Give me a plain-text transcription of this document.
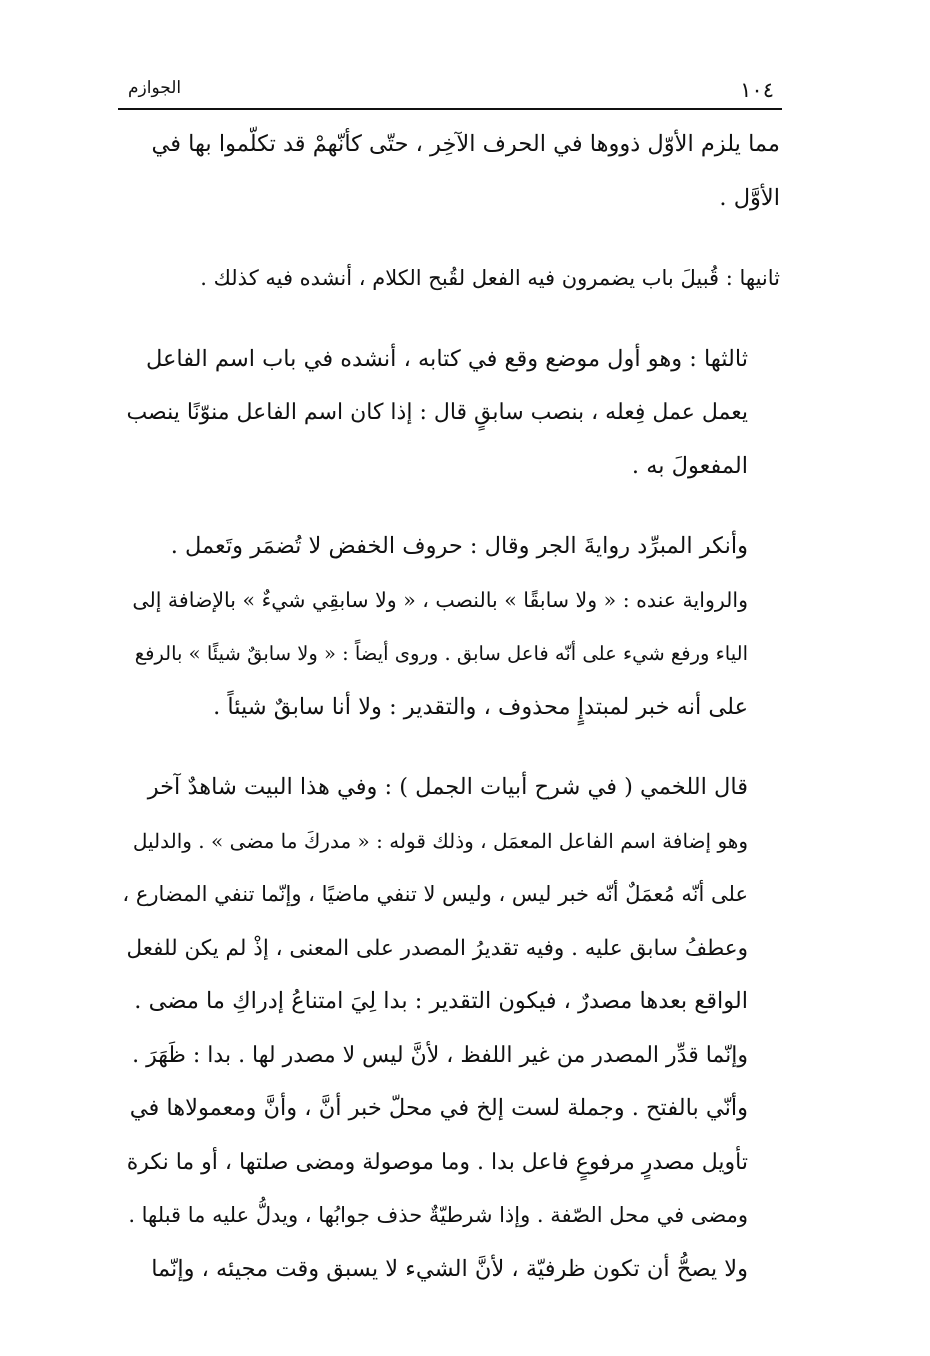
١٠٤
الجوازم

مما يلزم الأوّل ذووها في الحرف الآخِر ، حتّى كأنّهمْ قد تكلّموا بها في
الأوَّل .

ثانيها : قُبيلَ باب يضمرون فيه الفعل لقُبح الكلام ، أنشده فيه كذلك .

ثالثها : وهو أول موضع وقع في كتابه ، أنشده في باب اسم الفاعل
يعمل عمل فِعله ، بنصب سابقٍ قال : إذا كان اسم الفاعل منوّنًا ينصب
المفعولَ به .

وأنكر المبرِّد روايةَ الجر وقال : حروف الخفض لا تُضمَر وتَعمل .
والرواية عنده : « ولا سابقًا » بالنصب ، « ولا سابقِي شيءٌ » بالإضافة إلى
الياء ورفع شيء على أنّه فاعل سابق . وروى أيضاً : « ولا سابقٌ شيئًا » بالرفع
على أنه خبر لمبتدإٍ محذوف ، والتقدير : ولا أنا سابقٌ شيئاً .

قال اللخمي ( في شرح أبيات الجمل ) : وفي هذا البيت شاهدٌ آخر
وهو إضافة اسم الفاعل المعمَل ، وذلك قوله : « مدركَ ما مضى » . والدليل
على أنّه مُعمَلٌ أنّه خبر ليس ، وليس لا تنفي ماضيًا ، وإنّما تنفي المضارع ،
وعطفُ سابق عليه . وفيه تقديرُ المصدر على المعنى ، إذْ لم يكن للفعل
الواقع بعدها مصدرٌ ، فيكون التقدير : بدا لِيَ امتناعُ إدراكِ ما مضى .
وإنّما قدِّر المصدر من غير اللفظ ، لأنَّ ليس لا مصدر لها . بدا : ظَهَرَ .
وأنّي بالفتح . وجملة لست إلخ في محلّ خبر أنَّ ، وأنَّ ومعمولاها في
تأويل مصدرٍ مرفوعٍ فاعل بدا . وما موصولة ومضى صلتها ، أو ما نكرة
ومضى في محل الصّفة . وإذا شرطيّةٌ حذف جوابُها ، ويدلُّ عليه ما قبلها .
ولا يصحُّ أن تكون ظرفيّة ، لأنَّ الشيء لا يسبق وقت مجيئه ، وإنّما
